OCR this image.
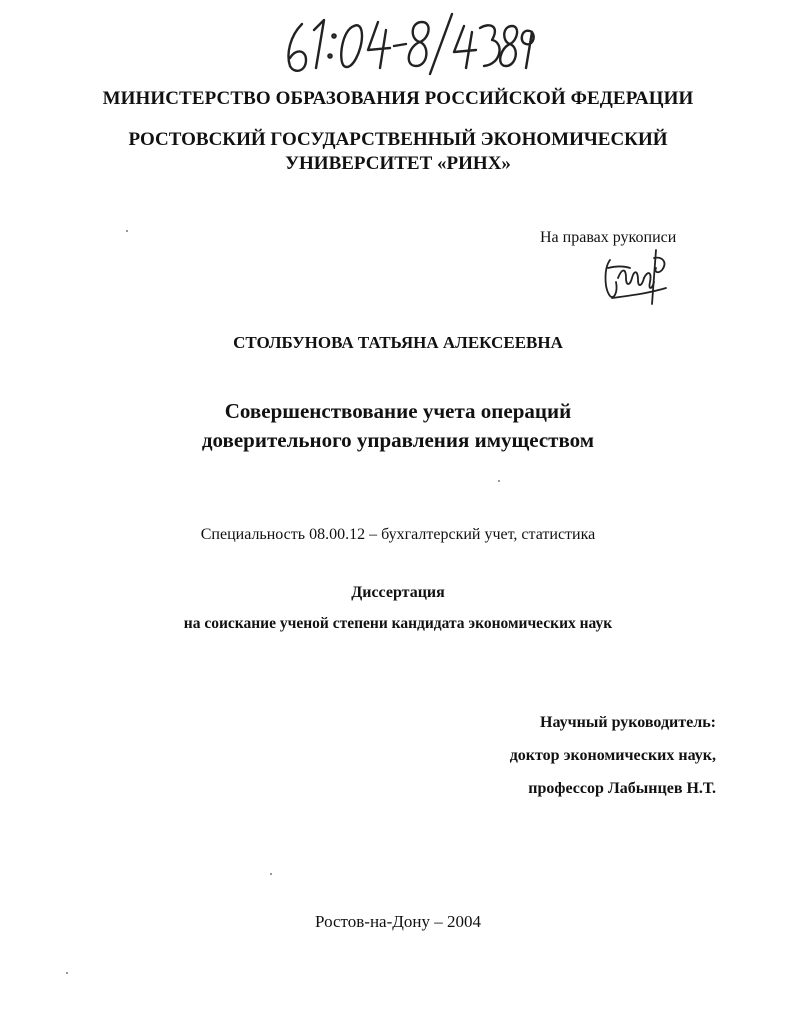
МИНИСТЕРСТВО ОБРАЗОВАНИЯ РОССИЙСКОЙ ФЕДЕРАЦИИ
РОСТОВСКИЙ ГОСУДАРСТВЕННЫЙ ЭКОНОМИЧЕСКИЙ
УНИВЕРСИТЕТ «РИНХ»
На правах рукописи
СТОЛБУНОВА ТАТЬЯНА АЛЕКСЕЕВНА
Совершенствование учета операций
доверительного управления имуществом
Специальность 08.00.12 – бухгалтерский учет, статистика
Диссертация
на соискание ученой степени кандидата экономических наук
Научный руководитель:
доктор экономических наук,
профессор Лабынцев Н.Т.
Ростов-на-Дону – 2004
